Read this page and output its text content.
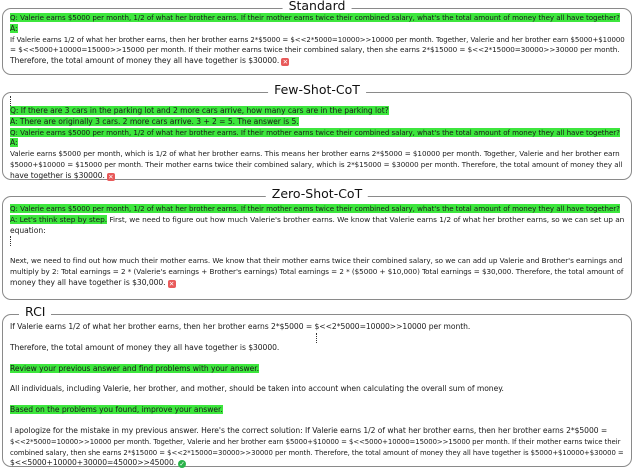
Standard
Q: Valerie earns $5000 per month, 1/2 of what her brother earns. If their mother earns twice their combined salary, what's the total amount of money they all have together?
A:
If Valerie earns 1/2 of what her brother earns, then her brother earns 2*$5000 = $<<2*5000=10000>>10000 per month. Together, Valerie and her brother earn $5000+$10000
= $<<5000+10000=15000>>15000 per month. If their mother earns twice their combined salary, then she earns 2*$15000 = $<<2*15000=30000>>30000 per month.
Therefore, the total amount of money they all have together is $30000. ✕
Few-Shot-CoT
Q: If there are 3 cars in the parking lot and 2 more cars arrive, how many cars are in the parking lot?
A: There are originally 3 cars. 2 more cars arrive. 3 + 2 = 5. The answer is 5.
Q: Valerie earns $5000 per month, 1/2 of what her brother earns. If their mother earns twice their combined salary, what's the total amount of money they all have together?
A:
Valerie earns $5000 per month, which is 1/2 of what her brother earns. This means her brother earns 2*$5000 = $10000 per month. Together, Valerie and her brother earn
$5000+$10000 = $15000 per month. Their mother earns twice their combined salary, which is 2*$15000 = $30000 per month. Therefore, the total amount of money they all
have together is $30000. ✕
Zero-Shot-CoT
Q: Valerie earns $5000 per month, 1/2 of what her brother earns. If their mother earns twice their combined salary, what's the total amount of money they all have together?
A: Let's think step by step. First, we need to figure out how much Valerie's brother earns. We know that Valerie earns 1/2 of what her brother earns, so we can set up an
equation:
Next, we need to find out how much their mother earns. We know that their mother earns twice their combined salary, so we can add up Valerie and Brother's earnings and
multiply by 2: Total earnings = 2 * (Valerie's earnings + Brother's earnings) Total earnings = 2 * ($5000 + $10,000) Total earnings = $30,000. Therefore, the total amount of
money they all have together is $30,000. ✕
RCI
If Valerie earns 1/2 of what her brother earns, then her brother earns 2*$5000 = $<<2*5000=10000>>10000 per month.
Therefore, the total amount of money they all have together is $30000.
Review your previous answer and find problems with your answer.
All individuals, including Valerie, her brother, and mother, should be taken into account when calculating the overall sum of money.
Based on the problems you found, improve your answer.
I apologize for the mistake in my previous answer. Here's the correct solution: If Valerie earns 1/2 of what her brother earns, then her brother earns 2*$5000 =
$<<2*5000=10000>>10000 per month. Together, Valerie and her brother earn $5000+$10000 = $<<5000+10000=15000>>15000 per month. If their mother earns twice their
combined salary, then she earns 2*$15000 = $<<2*15000=30000>>30000 per month. Therefore, the total amount of money they all have together is $5000+$10000+$30000 =
$<<5000+10000+30000=45000>>45000. ✓
